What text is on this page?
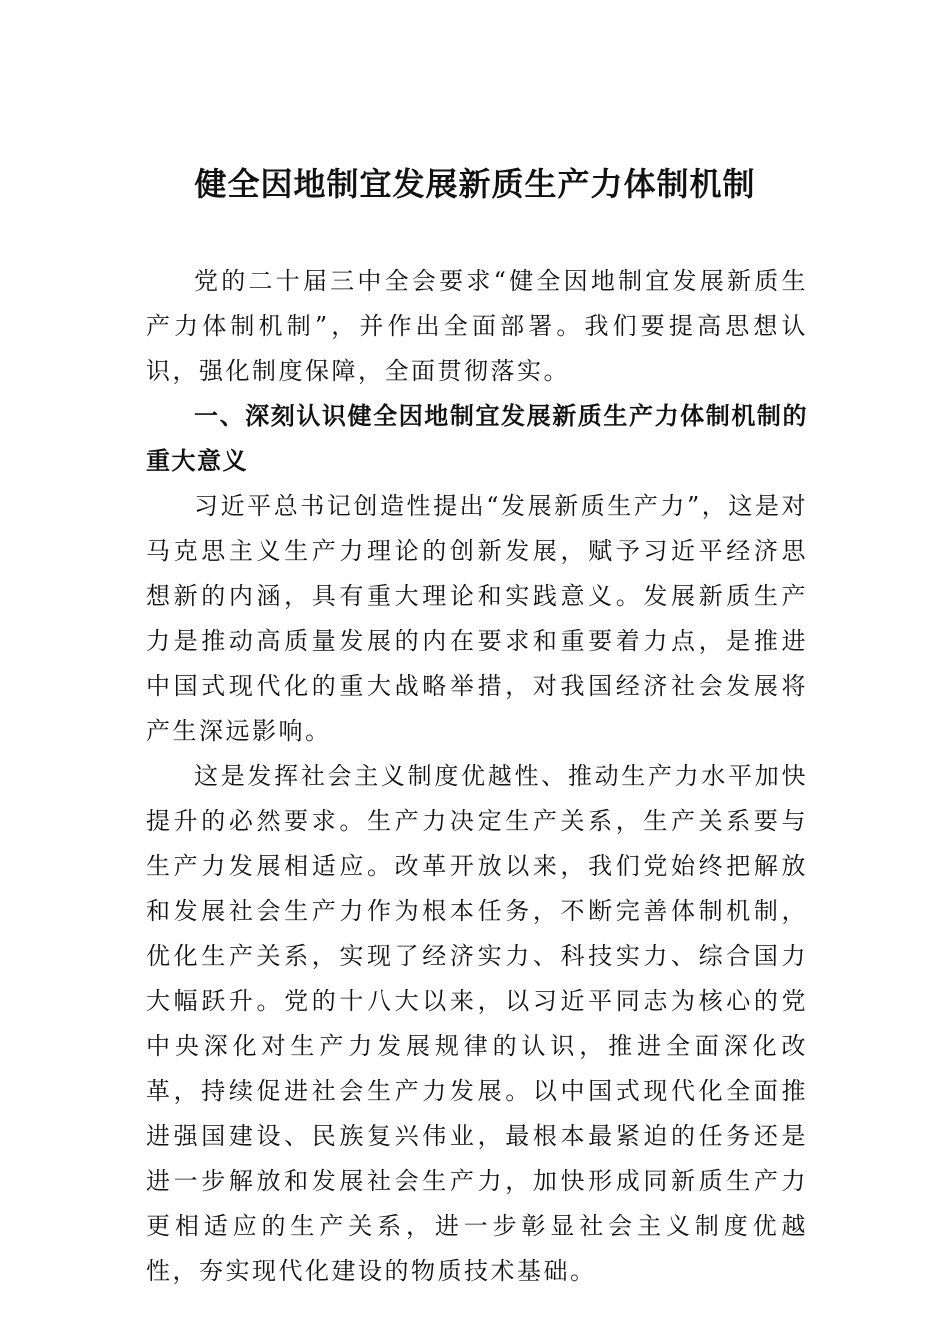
健全因地制宜发展新质生产力体制机制

党的二十届三中全会要求“健全因地制宜发展新质生产力体制机制”，并作出全面部署。我们要提高思想认识，强化制度保障，全面贯彻落实。

一、深刻认识健全因地制宜发展新质生产力体制机制的重大意义

习近平总书记创造性提出“发展新质生产力”，这是对马克思主义生产力理论的创新发展，赋予习近平经济思想新的内涵，具有重大理论和实践意义。发展新质生产力是推动高质量发展的内在要求和重要着力点，是推进中国式现代化的重大战略举措，对我国经济社会发展将产生深远影响。

这是发挥社会主义制度优越性、推动生产力水平加快提升的必然要求。生产力决定生产关系，生产关系要与生产力发展相适应。改革开放以来，我们党始终把解放和发展社会生产力作为根本任务，不断完善体制机制，优化生产关系，实现了经济实力、科技实力、综合国力大幅跃升。党的十八大以来，以习近平同志为核心的党中央深化对生产力发展规律的认识，推进全面深化改革，持续促进社会生产力发展。以中国式现代化全面推进强国建设、民族复兴伟业，最根本最紧迫的任务还是进一步解放和发展社会生产力，加快形成同新质生产力更相适应的生产关系，进一步彰显社会主义制度优越性，夯实现代化建设的物质技术基础。
